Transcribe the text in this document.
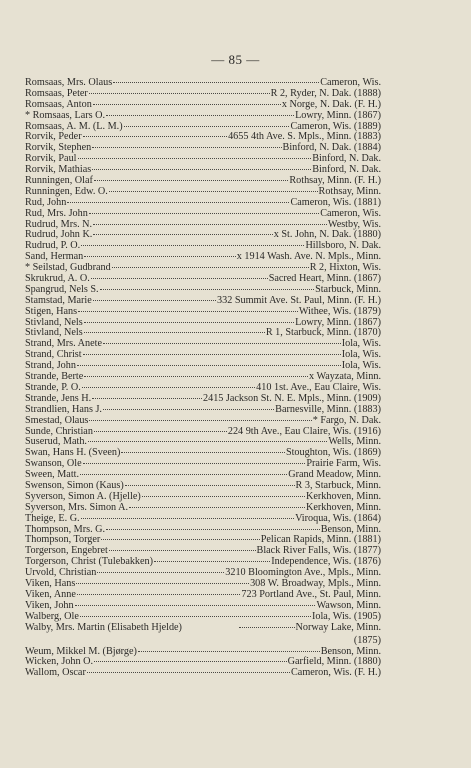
— 85 —
Romsaas, Mrs. Olaus	Cameron, Wis.
Romsaas, Peter	R 2, Ryder, N. Dak. (1888)
Romsaas, Anton	x Norge, N. Dak. (F. H.)
* Romsaas, Lars O.	Lowry, Minn. (1867)
Romsaas, A. M. (L. M.)	Cameron, Wis. (1889)
Rorvik, Peder	4655 4th Ave. S. Mpls., Minn. (1883)
Rorvik, Stephen	Binford, N. Dak. (1884)
Rorvik, Paul	Binford, N. Dak.
Rorvik, Mathias	Binford, N. Dak.
Runningen, Olaf	Rothsay, Minn. (F. H.)
Runningen, Edw. O.	Rothsay, Minn.
Rud, John	Cameron, Wis. (1881)
Rud, Mrs. John	Cameron, Wis.
Rudrud, Mrs. N.	Westby, Wis.
Rudrud, John K.	x St. John, N. Dak. (1880)
Rudrud, P. O.	Hillsboro, N. Dak.
Sand, Herman	x 1914 Wash. Ave. N. Mpls., Minn.
* Seilstad, Gudbrand	R 2, Hixton, Wis.
Skrukrud, A. O.	Sacred Heart, Minn. (1867)
Spangrud, Nels S.	Starbuck, Minn.
Stamstad, Marie	332 Summit Ave. St. Paul, Minn. (F. H.)
Stigen, Hans	Withee, Wis. (1879)
Stivland, Nels	Lowry, Minn. (1867)
Stivland, Nels	R 1, Starbuck, Minn. (1870)
Strand, Mrs. Anete	Iola, Wis.
Strand, Christ	Iola, Wis.
Strand, John	Iola, Wis.
Strande, Berte	x Wayzata, Minn.
Strande, P. O.	410 1st. Ave., Eau Claire, Wis.
Strande, Jens H.	2415 Jackson St. N. E. Mpls., Minn. (1909)
Strandlien, Hans J.	Barnesville, Minn. (1883)
Smestad, Olaus	* Fargo, N. Dak.
Sunde, Christian	224 9th Ave., Eau Claire, Wis. (1916)
Suserud, Math.	Wells, Minn.
Swan, Hans H. (Sveen)	Stoughton, Wis. (1869)
Swanson, Ole	Prairie Farm, Wis.
Sween, Matt.	Grand Meadow, Minn.
Swenson, Simon (Kaus)	R 3, Starbuck, Minn.
Syverson, Simon A. (Hjelle)	Kerkhoven, Minn.
Syverson, Mrs. Simon A.	Kerkhoven, Minn.
Theige, E. G.	Viroqua, Wis. (1864)
Thompson, Mrs. G.	Benson, Minn.
Thompson, Torger	Pelican Rapids, Minn. (1881)
Torgerson, Engebret	Black River Falls, Wis. (1877)
Torgerson, Christ (Tulebakken)	Independence, Wis. (1876)
Urvold, Christian	3210 Bloomington Ave., Mpls., Minn.
Viken, Hans	308 W. Broadway, Mpls., Minn.
Viken, Anne	723 Portland Ave., St. Paul, Minn.
Viken, John	Wawson, Minn.
Walberg, Ole	Iola, Wis. (1905)
Walby, Mrs. Martin (Elisabeth Hjelde)	Norway Lake, Minn.
(1875)
Weum, Mikkel M. (Bjørge)	Benson, Minn.
Wicken, John O.	Garfield, Minn. (1880)
Wallom, Oscar	Cameron, Wis. (F. H.)
